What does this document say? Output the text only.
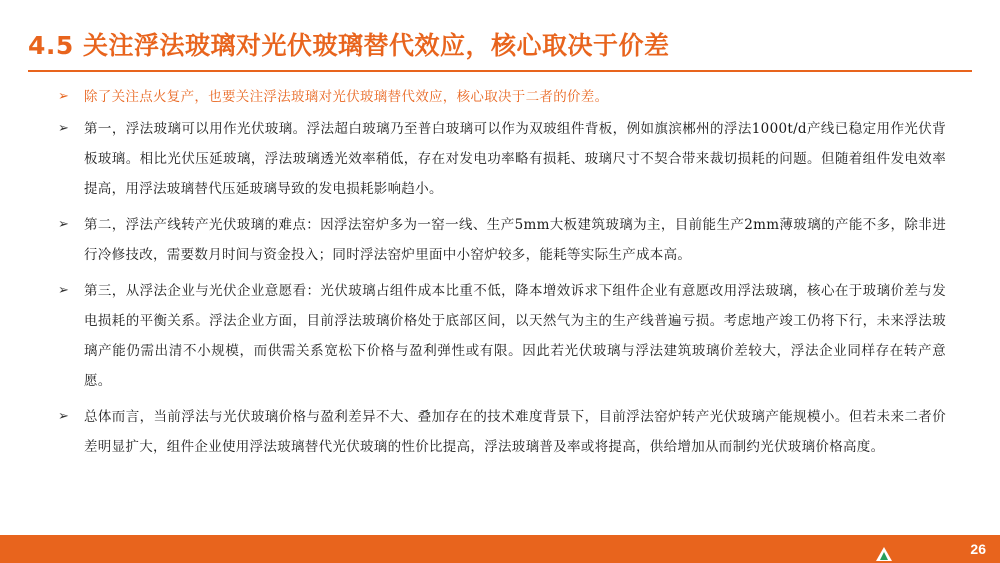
4.5 关注浮法玻璃对光伏玻璃替代效应，核心取决于价差
➢ 除了关注点火复产，也要关注浮法玻璃对光伏玻璃替代效应，核心取决于二者的价差。
➢ 第一，浮法玻璃可以用作光伏玻璃。浮法超白玻璃乃至普白玻璃可以作为双玻组件背板，例如旗滨郴州的浮法1000t/d产线已稳定用作光伏背板玻璃。相比光伏压延玻璃，浮法玻璃透光效率稍低，存在对发电功率略有损耗、玻璃尺寸不契合带来裁切损耗的问题。但随着组件发电效率提高，用浮法玻璃替代压延玻璃导致的发电损耗影响趋小。
➢ 第二，浮法产线转产光伏玻璃的难点：因浮法窑炉多为一窑一线、生产5mm大板建筑玻璃为主，目前能生产2mm薄玻璃的产能不多，除非进行冷修技改，需要数月时间与资金投入；同时浮法窑炉里面中小窑炉较多，能耗等实际生产成本高。
➢ 第三，从浮法企业与光伏企业意愿看：光伏玻璃占组件成本比重不低，降本增效诉求下组件企业有意愿改用浮法玻璃，核心在于玻璃价差与发电损耗的平衡关系。浮法企业方面，目前浮法玻璃价格处于底部区间，以天然气为主的生产线普遍亏损。考虑地产竣工仍将下行，未来浮法玻璃产能仍需出清不小规模，而供需关系宽松下价格与盈利弹性或有限。因此若光伏玻璃与浮法建筑玻璃价差较大，浮法企业同样存在转产意愿。
➢ 总体而言，当前浮法与光伏玻璃价格与盈利差异不大、叠加存在的技术难度背景下，目前浮法窑炉转产光伏玻璃产能规模小。但若未来二者价差明显扩大，组件企业使用浮法玻璃替代光伏玻璃的性价比提高，浮法玻璃普及率或将提高，供给增加从而制约光伏玻璃价格高度。
26
